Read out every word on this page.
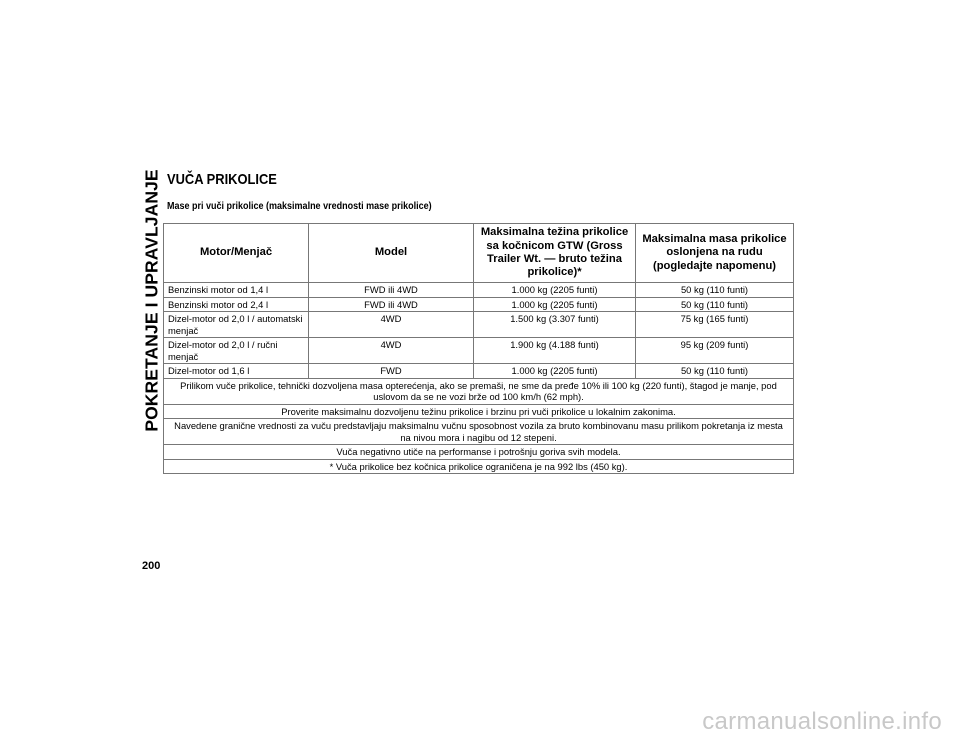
POKRETANJE I UPRAVLJANJE VUČA PRIKOLICE
Mase pri vuči prikolice (maksimalne vrednosti mase prikolice)
Motor/Menjač	Model	Maksimalna težina prikolice sa kočnicom GTW (Gross Trailer Wt. — bruto težina prikolice)*	Maksimalna masa prikolice oslonjena na rudu (pogledajte napomenu)
Benzinski motor od 1,4 l	FWD ili 4WD	1.000 kg (2205 funti)	50 kg (110 funti)
Benzinski motor od 2,4 l	FWD ili 4WD	1.000 kg (2205 funti)	50 kg (110 funti)
Dizel-motor od 2,0 l / automatski menjač	4WD	1.500 kg (3.307 funti)	75 kg (165 funti)
Dizel-motor od 2,0 l / ručni menjač	4WD	1.900 kg (4.188 funti)	95 kg (209 funti)
Dizel-motor od 1,6 l	FWD	1.000 kg (2205 funti)	50 kg (110 funti)
Prilikom vuče prikolice, tehnički dozvoljena masa opterećenja, ako se premaši, ne sme da pređe 10% ili 100 kg (220 funti), štagod je manje, pod uslovom da se ne vozi brže od 100 km/h (62 mph).			
Proverite maksimalnu dozvoljenu težinu prikolice i brzinu pri vuči prikolice u lokalnim zakonima.			
Navedene granične vrednosti za vuču predstavljaju maksimalnu vučnu sposobnost vozila za bruto kombinovanu masu prilikom pokretanja iz mesta na nivou mora i nagibu od 12 stepeni.			
Vuča negativno utiče na performanse i potrošnju goriva svih modela.			
* Vuča prikolice bez kočnica prikolice ograničena je na 992 lbs (450 kg).			

200

carmanualsonline.info
